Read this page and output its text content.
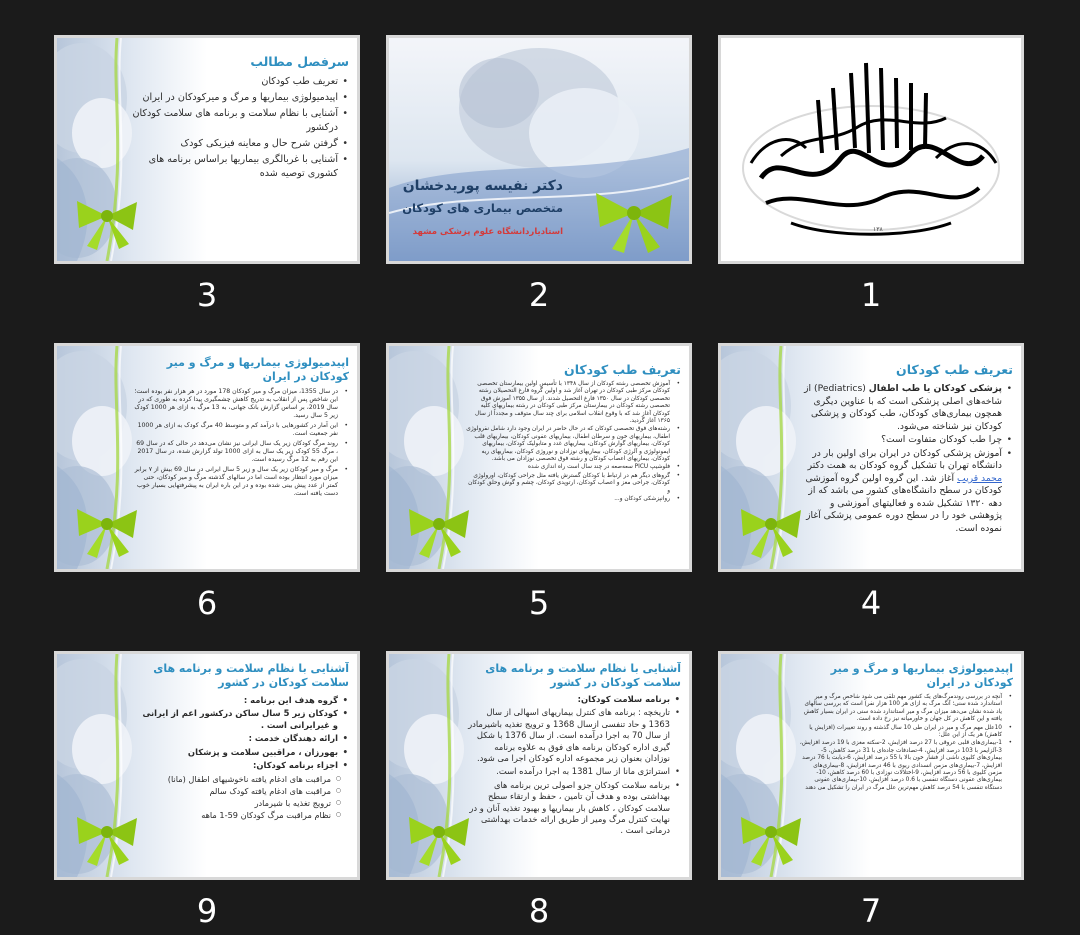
سرفصل مطالب
• تعریف طب کودکان
• اپیدمیولوژی بیماریها و مرگ و میرکودکان در ایران
• آشنایی با نظام سلامت و برنامه های سلامت کودکان درکشور
• گرفتن شرح حال و معاینه فیزیکی کودک
• آشنایی با غربالگری بیماریها براساس برنامه های کشوری توصیه شده
3
دکتر نفیسه پوریدخشان
متخصص بیماری های کودکان
استادیاردانشگاه علوم پزشکی مشهد
2
۱۳۸
1
اپیدمیولوژی بیماریها و مرگ و میر کودکان در ایران
• در سال 1355، میزان مرگ و میر کودکان 178 مورد در هر هزار نفر بوده است؛ این شاخص پس از انقلاب به تدریج کاهش چشمگیری پیدا کرده به طوری که در سال 2019، بر اساس گزارش بانک جهانی، به 13 مرگ به ازای هر 1000 کودک زیر 5 سال رسید.
• این آمار در کشورهایی با درآمد کم و متوسط 40 مرگ کودک به ازای هر 1000 نفر جمعیت است.
• روند مرگ کودکان زیر یک سال ایرانی نیز نشان می‌دهد در حالی که در سال 69 ، مرگ 55 کودک زیر یک سال به ازای 1000 تولد گزارش شده، در سال 2017 این رقم به 12 مرگ رسیده است.
• مرگ و میر کودکان زیر یک سال و زیر 5 سال ایرانی در سال 69 بیش از ۷ برابر میزان مورد انتظار بوده است اما در سالهای گذشته مرگ و میر کودکان، حتی کمتر از عدد پیش بینی شده بوده و در این باره ایران به پیشرفتهایی بسیار خوب دست یافته است.
6
تعریف طب کودکان
• آموزش تخصصی رشته کودکان از سال ۱۳۴۸ با تأسیس اولین بیمارستان تخصصی کودکان مرکز طبی کودکان در تهران آغاز شد و اولین گروه فارغ التحصیلان رشته تخصصی کودکان در سال ۱۳۵۰ فارغ التحصیل شدند. از سال ۱۳۵۵ آموزش فوق تخصصی رشته کودکان در بیمارستان مرکز طبی کودکان در رشته بیماریهای کلیه کودکان آغاز شد که با وقوع انقلاب اسلامی برای چند سال متوقف و مجدداً از سال ۱۳۶۵ آغاز گردید.
• رشته‌های فوق تخصصی کودکان که در حال حاضر در ایران وجود دارد شامل نفرولوژی اطفال، بیماریهای خون و سرطان اطفال، بیماریهای عفونی کودکان، بیماریهای قلب کودکان، بیماریهای گوارش کودکان، بیماریهای غدد و متابولیک کودکان، بیماریهای ایمونولوژی و آلرژی کودکان، بیماریهای نوزادان و نوروژی کودکان، بیماریهای ریه کودکان، بیماریهای اعصاب کودکان و رشته فوق تخصصی نوزادان می باشد.
• فلوشیپ PICU سعه‌صعه در چند سال است راه اندازی شده
• گروهای دیگر هم در ارتباط با کودکان گسترش یافته مثل جراحی کودکان، اورولوژی کودکان، جراحی مغز و اعصاب کودکان، ارتوپدی کودکان، چشم و گوش وحلق کودکان و
• روانپزشکی کودکان و...
5
تعریف طب کودکان
• پزشکی کودکان یا طب اطفال (Pediatrics) از شاخه‌های اصلی پزشکی است که با عناوین دیگری همچون بیماری‌های کودکان، طب کودکان و پزشکی کودکان نیز شناخته می‌شود.
• چرا طب کودکان متفاوت است؟
• آموزش پزشکی کودکان در ایران برای اولین بار در دانشگاه تهران با تشکیل گروه کودکان به همت دکتر محمد قریب آغاز شد. این گروه اولین گروه آموزشی کودکان در سطح دانشگاه‌های کشور می باشد که از دهه ۱۳۲۰ تشکیل شده و فعالیتهای آموزشی و پژوهشی خود را در سطح دوره عمومی پزشکی آغاز نموده است.
4
آشنایی با نظام سلامت و برنامه های سلامت کودکان در کشور
• گروه هدف این برنامه :
• کودکان زیر 5 سال ساکن درکشور اعم از ایرانی و غیرایرانی است .
• ارائه دهندگان خدمت :
• بهورزان ، مراقبین سلامت و پزشکان
• اجزاء برنامه کودکان:
○ مراقبت های ادغام یافته ناخوشیهای اطفال (مانا)
○ مراقبت های ادغام یافته کودک سالم
○ ترویج تغذیه با شیرمادر
○ نظام مراقبت مرگ کودکان 59-1 ماهه
9
آشنایی با نظام سلامت و برنامه های سلامت کودکان در کشور
• برنامه سلامت کودکان:
• تاریخچه : برنامه های کنترل بیماریهای اسهالی از سال 1363 و حاد تنفسی ازسال 1368 و ترویج تغذیه باشیرمادر از سال 70 به اجرا درآمده است. از سال 1376 با شکل گیری اداره کودکان برنامه های فوق به علاوه برنامه نوزادان بعنوان زیر مجموعه اداره کودکان اجرا می شود.
• استراتژی مانا از سال 1381 به اجرا درآمده است.
• برنامه سلامت کودکان جزو اصولی ترین برنامه های بهداشتی بوده و هدف آن تامین ، حفظ و ارتقاء سطح سلامت کودکان ، کاهش بار بیماریها و بهبود تغذیه آنان و در نهایت کنترل مرگ ومیر از طریق ارائه خدمات بهداشتی درمانی است .
8
اپیدمیولوژی بیماریها و مرگ و میر کودکان در ایران
• آنچه در بررسی روندمرگ‌های یک کشور مهم تلقی می شود شاخص مرگ و میر استاندارد شده سنی؛ آنگ مرگ به ازای هر 100 هزار نفر) است که بررسی سالهای یاد شده نشان می‌دهد میزان مرگ و میر استاندارد شده سنی در ایران بسیار کاهش یافته و این کاهش در کل جهان و خاورمیانه نیز رخ داده است.
• 10علل مهم مرگ و میر در ایران طی 10 سال گذشته و روند تغییرات (افزایش یا کاهش) هر یک از این علل:
• 1-بیماری‌های قلبی عروقی با 27 درصد افزایش، 2-سکته مغزی با 19 درصد افزایش، 3-آلزایمر با 103 درصد افزایش، 4-تصادفات جاده‌ای با 31 درصد کاهش، 5- بیماری‌های کلیوی ناشی از فشار خون بالا با 55 درصد افزایش، 6-دیابت با 76 درصد افزایش، 7-بیماری‌های مزمن انسدادی ریوی با 46 درصد افزایش، 8-بیماری‌های مزمن کلیوی با 56 درصد افزایش، 9-اختلالات نوزادی با 60 درصد کاهش، 10-بیماری‌های عفونی دستگاه تنفسی با 0.6 درصد افزایش، 10-بیماری‌های عفونی دستگاه تنفسی با 54 درصد کاهش مهم‌ترین علل مرگ در ایران را تشکیل می دهند
7
